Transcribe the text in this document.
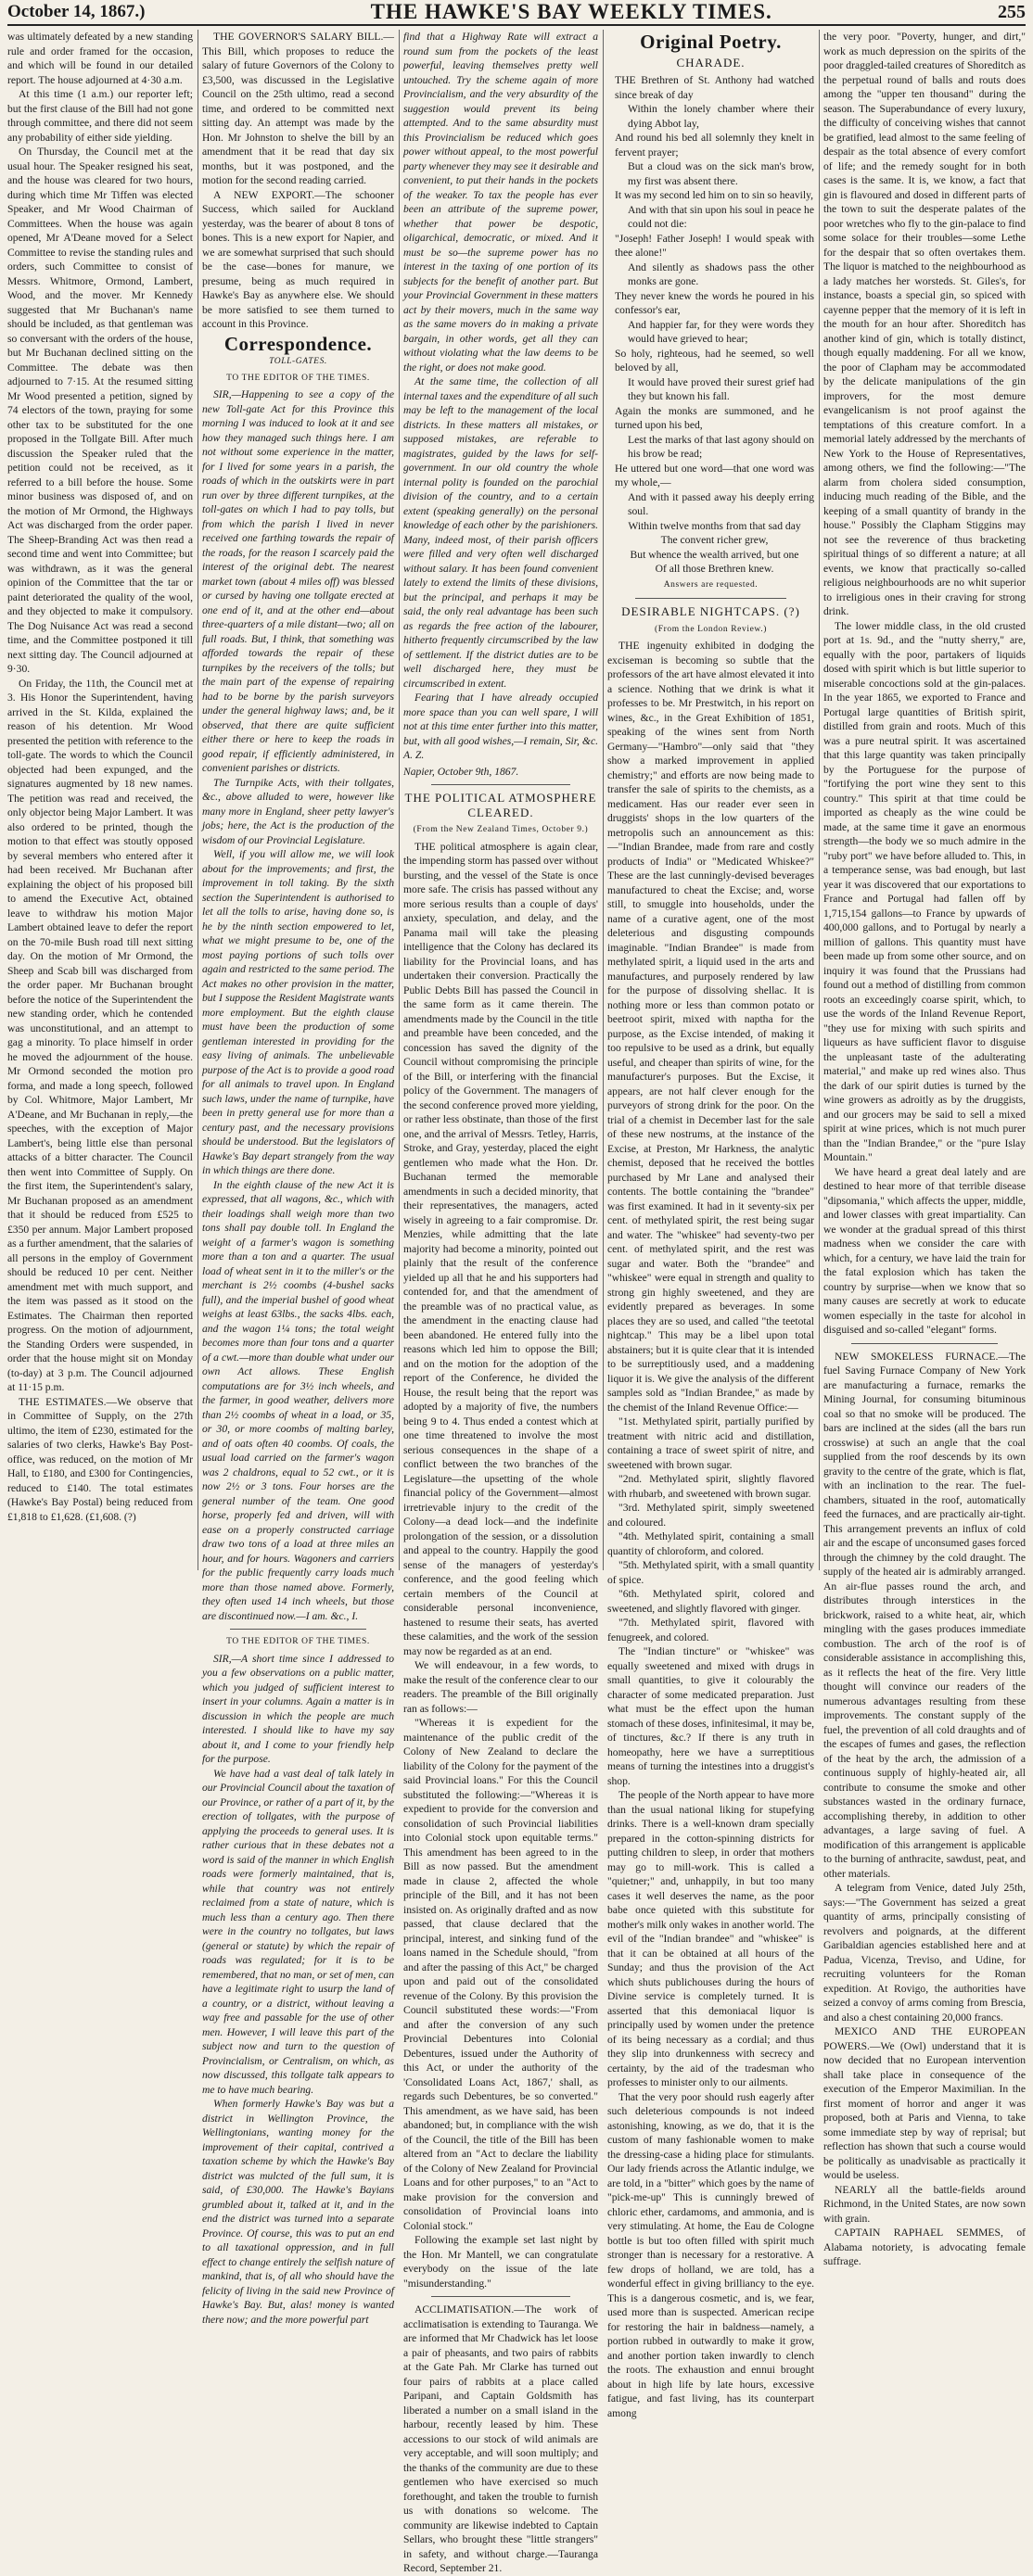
October 14, 1867.)	THE HAWKE'S BAY WEEKLY TIMES.	255

was ultimately defeated by a new standing rule and order framed for the occasion, and which will be found in our detailed report. The house adjourned at 4·30 a.m.

At this time (1 a.m.) our reporter left; but the first clause of the Bill had not gone through committee, and there did not seem any probability of either side yielding.

On Thursday, the Council met at the usual hour. The Speaker resigned his seat, and the house was cleared for two hours, during which time Mr Tiffen was elected Speaker, and Mr Wood Chairman of Committees. When the house was again opened, Mr A'Deane moved for a Select Committee to revise the standing rules and orders, such Committee to consist of Messrs. Whitmore, Ormond, Lambert, Wood, and the mover. Mr Kennedy suggested that Mr Buchanan's name should be included, as that gentleman was so conversant with the orders of the house, but Mr Buchanan declined sitting on the Committee. The debate was then adjourned to 7·15. At the resumed sitting Mr Wood presented a petition, signed by 74 electors of the town, praying for some other tax to be substituted for the one proposed in the Tollgate Bill. After much discussion the Speaker ruled that the petition could not be received, as it referred to a bill before the house. Some minor business was disposed of, and on the motion of Mr Ormond, the Highways Act was discharged from the order paper. The Sheep-Branding Act was then read a second time and went into Committee; but was withdrawn, as it was the general opinion of the Committee that the tar or paint deteriorated the quality of the wool, and they objected to make it compulsory. The Dog Nuisance Act was read a second time, and the Committee postponed it till next sitting day. The Council adjourned at 9·30.

On Friday, the 11th, the Council met at 3. His Honor the Superintendent, having arrived in the St. Kilda, explained the reason of his detention. Mr Wood presented the petition with reference to the toll-gate. The words to which the Council objected had been expunged, and the signatures augmented by 18 new names. The petition was read and received, the only objector being Major Lambert. It was also ordered to be printed, though the motion to that effect was stoutly opposed by several members who entered after it had been received. Mr Buchanan after explaining the object of his proposed bill to amend the Executive Act, obtained leave to withdraw his motion Major Lambert obtained leave to defer the report on the 70-mile Bush road till next sitting day. On the motion of Mr Ormond, the Sheep and Scab bill was discharged from the order paper. Mr Buchanan brought before the notice of the Superintendent the new standing order, which he contended was unconstitutional, and an attempt to gag a minority. To place himself in order he moved the adjournment of the house. Mr Ormond seconded the motion pro forma, and made a long speech, followed by Col. Whitmore, Major Lambert, Mr A'Deane, and Mr Buchanan in reply,—the speeches, with the exception of Major Lambert's, being little else than personal attacks of a bitter character. The Council then went into Committee of Supply. On the first item, the Superintendent's salary, Mr Buchanan proposed as an amendment that it should be reduced from £525 to £350 per annum. Major Lambert proposed as a further amendment, that the salaries of all persons in the employ of Government should be reduced 10 per cent. Neither amendment met with much support, and the item was passed as it stood on the Estimates. The Chairman then reported progress. On the motion of adjournment, the Standing Orders were suspended, in order that the house might sit on Monday (to-day) at 3 p.m. The Council adjourned at 11·15 p.m.

THE ESTIMATES.—We observe that in Committee of Supply, on the 27th ultimo, the item of £230, estimated for the salaries of two clerks, Hawke's Bay Post-office, was reduced, on the motion of Mr Hall, to £180, and £300 for Contingencies, reduced to £140. The total estimates (Hawke's Bay Postal) being reduced from £1,818 to £1,628. (£1,608. (?)

THE GOVERNOR'S SALARY BILL.—This Bill, which proposes to reduce the salary of future Governors of the Colony to £3,500, was discussed in the Legislative Council on the 25th ultimo, read a second time, and ordered to be committed next sitting day. An attempt was made by the Hon. Mr Johnston to shelve the bill by an amendment that it be read that day six months, but it was postponed, and the motion for the second reading carried.

A NEW EXPORT.—The schooner Success, which sailed for Auckland yesterday, was the bearer of about 8 tons of bones. This is a new export for Napier, and we are somewhat surprised that such should be the case—bones for manure, we presume, being as much required in Hawke's Bay as anywhere else. We should be more satisfied to see them turned to account in this Province.

Correspondence.
TOLL-GATES.
TO THE EDITOR OF THE TIMES.

SIR,—Happening to see a copy of the new Toll-gate Act for this Province this morning I was induced to look at it and see how they managed such things here. I am not without some experience in the matter, for I lived for some years in a parish, the roads of which in the outskirts were in part run over by three different turnpikes, at the toll-gates on which I had to pay tolls, but from which the parish I lived in never received one farthing towards the repair of the roads, for the reason I scarcely paid the interest of the original debt. The nearest market town (about 4 miles off) was blessed or cursed by having one tollgate erected at one end of it, and at the other end—about three-quarters of a mile distant—two; all on full roads. But, I think, that something was afforded towards the repair of these turnpikes by the receivers of the tolls; but the main part of the expense of repairing had to be borne by the parish surveyors under the general highway laws; and, be it observed, that there are quite sufficient either there or here to keep the roads in good repair, if efficiently administered, in convenient parishes or districts.

The Turnpike Acts, with their tollgates, &c., above alluded to were, however like many more in England, sheer petty lawyer's jobs; here, the Act is the production of the wisdom of our Provincial Legislature.

Well, if you will allow me, we will look about for the improvements; and first, the improvement in toll taking. By the sixth section the Superintendent is authorised to let all the tolls to arise, having done so, is he by the ninth section empowered to let, what we might presume to be, one of the most paying portions of such tolls over again and restricted to the same period. The Act makes no other provision in the matter, but I suppose the Resident Magistrate wants more employment. But the eighth clause must have been the production of some gentleman interested in providing for the easy living of animals. The unbelievable purpose of the Act is to provide a good road for all animals to travel upon. In England such laws, under the name of turnpike, have been in pretty general use for more than a century past, and the necessary provisions should be understood. But the legislators of Hawke's Bay depart strangely from the way in which things are there done.

In the eighth clause of the new Act it is expressed, that all wagons, &c., which with their loadings shall weigh more than two tons shall pay double toll. In England the weight of a farmer's wagon is something more than a ton and a quarter. The usual load of wheat sent in it to the miller's or the merchant is 2½ coombs (4-bushel sacks full), and the imperial bushel of good wheat weighs at least 63lbs., the sacks 4lbs. each, and the wagon 1¼ tons; the total weight becomes more than four tons and a quarter of a cwt.—more than double what under our own Act allows. These English computations are for 3½ inch wheels, and the farmer, in good weather, delivers more than 2½ coombs of wheat in a load, or 35, or 30, or more coombs of malting barley, and of oats often 40 coombs. Of coals, the usual load carried on the farmer's wagon was 2 chaldrons, equal to 52 cwt., or it is now 2½ or 3 tons. Four horses are the general number of the team. One good horse, properly fed and driven, will with ease on a properly constructed carriage draw two tons of a load at three miles an hour, and for hours. Wagoners and carriers for the public frequently carry loads much more than those named above. Formerly, they often used 14 inch wheels, but those are discontinued now.—I am. &c., I.

TO THE EDITOR OF THE TIMES.

SIR,—A short time since I addressed to you a few observations on a public matter, which you judged of sufficient interest to insert in your columns. Again a matter is in discussion in which the people are much interested. I should like to have my say about it, and I come to your friendly help for the purpose.

We have had a vast deal of talk lately in our Provincial Council about the taxation of our Province, or rather of a part of it, by the erection of tollgates, with the purpose of applying the proceeds to general uses. It is rather curious that in these debates not a word is said of the manner in which English roads were formerly maintained, that is, while that country was not entirely reclaimed from a state of nature, which is much less than a century ago. Then there were in the country no tollgates, but laws (general or statute) by which the repair of roads was regulated; for it is to be remembered, that no man, or set of men, can have a legitimate right to usurp the land of a country, or a district, without leaving a way free and passable for the use of other men. However, I will leave this part of the subject now and turn to the question of Provincialism, or Centralism, on which, as now discussed, this tollgate talk appears to me to have much bearing.

When formerly Hawke's Bay was but a district in Wellington Province, the Wellingtonians, wanting money for the improvement of their capital, contrived a taxation scheme by which the Hawke's Bay district was mulcted of the full sum, it is said, of £30,000. The Hawke's Bayians grumbled about it, talked at it, and in the end the district was turned into a separate Province. Of course, this was to put an end to all taxational oppression, and in full effect to change entirely the selfish nature of mankind, that is, of all who should have the felicity of living in the said new Province of Hawke's Bay. But, alas! money is wanted there now; and the more powerful part

find that a Highway Rate will extract a round sum from the pockets of the least powerful, leaving themselves pretty well untouched. Try the scheme again of more Provincialism, and the very absurdity of the suggestion would prevent its being attempted. And to the same absurdity must this Provincialism be reduced which goes power without appeal, to the most powerful party whenever they may see it desirable and convenient, to put their hands in the pockets of the weaker. To tax the people has ever been an attribute of the supreme power, whether that power be despotic, oligarchical, democratic, or mixed. And it must be so—the supreme power has no interest in the taxing of one portion of its subjects for the benefit of another part. But your Provincial Government in these matters act by their movers, much in the same way as the same movers do in making a private bargain, in other words, get all they can without violating what the law deems to be the right, or does not make good.

At the same time, the collection of all internal taxes and the expenditure of all such may be left to the management of the local districts. In these matters all mistakes, or supposed mistakes, are referable to magistrates, guided by the laws for self-government. In our old country the whole internal polity is founded on the parochial division of the country, and to a certain extent (speaking generally) on the personal knowledge of each other by the parishioners. Many, indeed most, of their parish officers were filled and very often well discharged without salary. It has been found convenient lately to extend the limits of these divisions, but the principal, and perhaps it may be said, the only real advantage has been such as regards the free action of the labourer, hitherto frequently circumscribed by the law of settlement. If the district duties are to be well discharged here, they must be circumscribed in extent.

Fearing that I have already occupied more space than you can well spare, I will not at this time enter further into this matter, but, with all good wishes,—I remain, Sir, &c. A. Z.

Napier, October 9th, 1867.
THE POLITICAL ATMOSPHERE CLEARED.
(From the New Zealand Times, October 9.)

THE political atmosphere is again clear, the impending storm has passed over without bursting, and the vessel of the State is once more safe. The crisis has passed without any more serious results than a couple of days' anxiety, speculation, and delay, and the Panama mail will take the pleasing intelligence that the Colony has declared its liability for the Provincial loans, and has undertaken their conversion. Practically the Public Debts Bill has passed the Council in the same form as it came therein. The amendments made by the Council in the title and preamble have been conceded, and the concession has saved the dignity of the Council without compromising the principle of the Bill, or interfering with the financial policy of the Government. The managers of the second conference proved more yielding, or rather less obstinate, than those of the first one, and the arrival of Messrs. Tetley, Harris, Stroke, and Gray, yesterday, placed the eight gentlemen who made what the Hon. Dr. Buchanan termed the memorable amendments in such a decided minority, that their representatives, the managers, acted wisely in agreeing to a fair compromise. Dr. Menzies, while admitting that the late majority had become a minority, pointed out plainly that the result of the conference yielded up all that he and his supporters had contended for, and that the amendment of the preamble was of no practical value, as the amendment in the enacting clause had been abandoned. He entered fully into the reasons which led him to oppose the Bill; and on the motion for the adoption of the report of the Conference, he divided the House, the result being that the report was adopted by a majority of five, the numbers being 9 to 4. Thus ended a contest which at one time threatened to involve the most serious consequences in the shape of a conflict between the two branches of the Legislature—the upsetting of the whole financial policy of the Government—almost irretrievable injury to the credit of the Colony—a dead lock—and the indefinite prolongation of the session, or a dissolution and appeal to the country. Happily the good sense of the managers of yesterday's conference, and the good feeling which certain members of the Council at considerable personal inconvenience, hastened to resume their seats, has averted these calamities, and the work of the session may now be regarded as at an end.

We will endeavour, in a few words, to make the result of the conference clear to our readers. The preamble of the Bill originally ran as follows:—

"Whereas it is expedient for the maintenance of the public credit of the Colony of New Zealand to declare the liability of the Colony for the payment of the said Provincial loans." For this the Council substituted the following:—"Whereas it is expedient to provide for the conversion and consolidation of such Provincial liabilities into Colonial stock upon equitable terms." This amendment has been agreed to in the Bill as now passed. But the amendment made in clause 2, affected the whole principle of the Bill, and it has not been insisted on. As originally drafted and as now passed, that clause declared that the principal, interest, and sinking fund of the loans named in the Schedule should, "from and after the passing of this Act," be charged upon and paid out of the consolidated revenue of the Colony. By this provision the Council substituted these words:—"From and after the conversion of any such Provincial Debentures into Colonial Debentures, issued under the Authority of this Act, or under the authority of the 'Consolidated Loans Act, 1867,' shall, as regards such Debentures, be so converted." This amendment, as we have said, has been abandoned; but, in compliance with the wish of the Council, the title of the Bill has been altered from an "Act to declare the liability of the Colony of New Zealand for Provincial Loans and for other purposes," to an "Act to make provision for the conversion and consolidation of Provincial loans into Colonial stock."

Following the example set last night by the Hon. Mr Mantell, we can congratulate everybody on the issue of the late "misunderstanding."

ACCLIMATISATION.—The work of acclimatisation is extending to Tauranga. We are informed that Mr Chadwick has let loose a pair of pheasants, and two pairs of rabbits at the Gate Pah. Mr Clarke has turned out four pairs of rabbits at a place called Paripani, and Captain Goldsmith has liberated a number on a small island in the harbour, recently leased by him. These accessions to our stock of wild animals are very acceptable, and will soon multiply; and the thanks of the community are due to these gentlemen who have exercised so much forethought, and taken the trouble to furnish us with donations so welcome. The community are likewise indebted to Captain Sellars, who brought these "little strangers" in safety, and without charge.—Tauranga Record, September 21.

Original Poetry.
CHARADE.

THE Brethren of St. Anthony had watched since break of day

Within the lonely chamber where their dying Abbot lay,

And round his bed all solemnly they knelt in fervent prayer;

But a cloud was on the sick man's brow, my first was absent there.

It was my second led him on to sin so heavily,

And with that sin upon his soul in peace he could not die:

"Joseph! Father Joseph! I would speak with thee alone!"

And silently as shadows pass the other monks are gone.

They never knew the words he poured in his confessor's ear,

And happier far, for they were words they would have grieved to hear;

So holy, righteous, had he seemed, so well beloved by all,

It would have proved their surest grief had they but known his fall.

Again the monks are summoned, and he turned upon his bed,

Lest the marks of that last agony should on his brow be read;

He uttered but one word—that one word was my whole,—

And with it passed away his deeply erring soul.

Within twelve months from that sad day

The convent richer grew,

But whence the wealth arrived, but one

Of all those Brethren knew.

Answers are requested.
DESIRABLE NIGHTCAPS. (?)
(From the London Review.)

THE ingenuity exhibited in dodging the exciseman is becoming so subtle that the professors of the art have almost elevated it into a science. Nothing that we drink is what it professes to be. Mr Prestwitch, in his report on wines, &c., in the Great Exhibition of 1851, speaking of the wines sent from North Germany—"Hambro"—only said that "they show a marked improvement in applied chemistry;" and efforts are now being made to transfer the sale of spirits to the chemists, as a medicament. Has our reader ever seen in druggists' shops in the low quarters of the metropolis such an announcement as this:—"Indian Brandee, made from rare and costly products of India" or "Medicated Whiskee?" These are the last cunningly-devised beverages manufactured to cheat the Excise; and, worse still, to smuggle into households, under the name of a curative agent, one of the most deleterious and disgusting compounds imaginable. "Indian Brandee" is made from methylated spirit, a liquid used in the arts and manufactures, and purposely rendered by law for the purpose of dissolving shellac. It is nothing more or less than common potato or beetroot spirit, mixed with naptha for the purpose, as the Excise intended, of making it too repulsive to be used as a drink, but equally useful, and cheaper than spirits of wine, for the manufacturer's purposes. But the Excise, it appears, are not half clever enough for the purveyors of strong drink for the poor. On the trial of a chemist in December last for the sale of these new nostrums, at the instance of the Excise, at Preston, Mr Harkness, the analytic chemist, deposed that he received the bottles purchased by Mr Lane and analysed their contents. The bottle containing the "brandee" was first examined. It had in it seventy-six per cent. of methylated spirit, the rest being sugar and water. The "whiskee" had seventy-two per cent. of methylated spirit, and the rest was sugar and water. Both the "brandee" and "whiskee" were equal in strength and quality to strong gin highly sweetened, and they are evidently prepared as beverages. In some places they are so used, and called "the teetotal nightcap." This may be a libel upon total abstainers; but it is quite clear that it is intended to be surreptitiously used, and a maddening liquor it is. We give the analysis of the different samples sold as "Indian Brandee," as made by the chemist of the Inland Revenue Office:—

"1st. Methylated spirit, partially purified by treatment with nitric acid and distillation, containing a trace of sweet spirit of nitre, and sweetened with brown sugar.

"2nd. Methylated spirit, slightly flavored with rhubarb, and sweetened with brown sugar.

"3rd. Methylated spirit, simply sweetened and coloured.

"4th. Methylated spirit, containing a small quantity of chloroform, and colored.

"5th. Methylated spirit, with a small quantity of spice.

"6th. Methylated spirit, colored and sweetened, and slightly flavored with ginger.

"7th. Methylated spirit, flavored with fenugreek, and colored.

The "Indian tincture" or "whiskee" was equally sweetened and mixed with drugs in small quantities, to give it colourably the character of some medicated preparation. Just what must be the effect upon the human stomach of these doses, infinitesimal, it may be, of tinctures, &c.? If there is any truth in homeopathy, here we have a surreptitious means of turning the intestines into a druggist's shop.

The people of the North appear to have more than the usual national liking for stupefying drinks. There is a well-known dram specially prepared in the cotton-spinning districts for putting children to sleep, in order that mothers may go to mill-work. This is called a "quietner;" and, unhappily, in but too many cases it well deserves the name, as the poor babe once quieted with this substitute for mother's milk only wakes in another world. The evil of the "Indian brandee" and "whiskee" is that it can be obtained at all hours of the Sunday; and thus the provision of the Act which shuts publichouses during the hours of Divine service is completely turned. It is asserted that this demoniacal liquor is principally used by women under the pretence of its being necessary as a cordial; and thus they slip into drunkenness with secrecy and certainty, by the aid of the tradesman who professes to minister only to our ailments.

That the very poor should rush eagerly after such deleterious compounds is not indeed astonishing, knowing, as we do, that it is the custom of many fashionable women to make the dressing-case a hiding place for stimulants. Our lady friends across the Atlantic indulge, we are told, in a "bitter" which goes by the name of "pick-me-up" This is cunningly brewed of chloric ether, cardamoms, and ammonia, and is very stimulating. At home, the Eau de Cologne bottle is but too often filled with spirit much stronger than is necessary for a restorative. A few drops of holland, we are told, has a wonderful effect in giving brilliancy to the eye. This is a dangerous cosmetic, and is, we fear, used more than is suspected. American recipe for restoring the hair in baldness—namely, a portion rubbed in outwardly to make it grow, and another portion taken inwardly to clench the roots. The exhaustion and ennui brought about in high life by late hours, excessive fatigue, and fast living, has its counterpart among

the very poor. "Poverty, hunger, and dirt," work as much depression on the spirits of the poor draggled-tailed creatures of Shoreditch as the perpetual round of balls and routs does among the "upper ten thousand" during the season. The Superabundance of every luxury, the difficulty of conceiving wishes that cannot be gratified, lead almost to the same feeling of despair as the total absence of every comfort of life; and the remedy sought for in both cases is the same. It is, we know, a fact that gin is flavoured and dosed in different parts of the town to suit the desperate palates of the poor wretches who fly to the gin-palace to find some solace for their troubles—some Lethe for the despair that so often overtakes them. The liquor is matched to the neighbourhood as a lady matches her worsteds. St. Giles's, for instance, boasts a special gin, so spiced with cayenne pepper that the memory of it is left in the mouth for an hour after. Shoreditch has another kind of gin, which is totally distinct, though equally maddening. For all we know, the poor of Clapham may be accommodated by the delicate manipulations of the gin improvers, for the most demure evangelicanism is not proof against the temptations of this creature comfort. In a memorial lately addressed by the merchants of New York to the House of Representatives, among others, we find the following:—"The alarm from cholera sided consumption, inducing much reading of the Bible, and the keeping of a small quantity of brandy in the house." Possibly the Clapham Stiggins may not see the reverence of thus bracketing spiritual things of so different a nature; at all events, we know that practically so-called religious neighbourhoods are no whit superior to irreligious ones in their craving for strong drink.

The lower middle class, in the old crusted port at 1s. 9d., and the "nutty sherry," are, equally with the poor, partakers of liquids dosed with spirit which is but little superior to miserable concoctions sold at the gin-palaces. In the year 1865, we exported to France and Portugal large quantities of British spirit, distilled from grain and roots. Much of this was a pure neutral spirit. It was ascertained that this large quantity was taken principally by the Portuguese for the purpose of "fortifying the port wine they sent to this country." This spirit at that time could be imported as cheaply as the wine could be made, at the same time it gave an enormous strength—the body we so much admire in the "ruby port" we have before alluded to. This, in a temperance sense, was bad enough, but last year it was discovered that our exportations to France and Portugal had fallen off by 1,715,154 gallons—to France by upwards of 400,000 gallons, and to Portugal by nearly a million of gallons. This quantity must have been made up from some other source, and on inquiry it was found that the Prussians had found out a method of distilling from common roots an exceedingly coarse spirit, which, to use the words of the Inland Revenue Report, "they use for mixing with such spirits and liqueurs as have sufficient flavor to disguise the unpleasant taste of the adulterating material," and make up red wines also. Thus the dark of our spirit duties is turned by the wine growers as adroitly as by the druggists, and our grocers may be said to sell a mixed spirit at wine prices, which is not much purer than the "Indian Brandee," or the "pure Islay Mountain."

We have heard a great deal lately and are destined to hear more of that terrible disease "dipsomania," which affects the upper, middle, and lower classes with great impartiality. Can we wonder at the gradual spread of this thirst madness when we consider the care with which, for a century, we have laid the train for the fatal explosion which has taken the country by surprise—when we know that so many causes are secretly at work to educate women especially in the taste for alcohol in disguised and so-called "elegant" forms.

NEW SMOKELESS FURNACE.—The fuel Saving Furnace Company of New York are manufacturing a furnace, remarks the Mining Journal, for consuming bituminous coal so that no smoke will be produced. The bars are inclined at the sides (all the bars run crosswise) at such an angle that the coal supplied from the roof descends by its own gravity to the centre of the grate, which is flat, with an inclination to the rear. The fuel-chambers, situated in the roof, automatically feed the furnaces, and are practically air-tight. This arrangement prevents an influx of cold air and the escape of unconsumed gases forced through the chimney by the cold draught. The supply of the heated air is admirably arranged. An air-flue passes round the arch, and distributes through interstices in the brickwork, raised to a white heat, air, which mingling with the gases produces immediate combustion. The arch of the roof is of considerable assistance in accomplishing this, as it reflects the heat of the fire. Very little thought will convince our readers of the numerous advantages resulting from these improvements. The constant supply of the fuel, the prevention of all cold draughts and of the escapes of fumes and gases, the reflection of the heat by the arch, the admission of a continuous supply of highly-heated air, all contribute to consume the smoke and other substances wasted in the ordinary furnace, accomplishing thereby, in addition to other advantages, a large saving of fuel. A modification of this arrangement is applicable to the burning of anthracite, sawdust, peat, and other materials.

A telegram from Venice, dated July 25th, says:—"The Government has seized a great quantity of arms, principally consisting of revolvers and poignards, at the different Garibaldian agencies established here and at Padua, Vicenza, Treviso, and Udine, for recruiting volunteers for the Roman expedition. At Rovigo, the authorities have seized a convoy of arms coming from Brescia, and also a chest containing 20,000 francs.

MEXICO AND THE EUROPEAN POWERS.—We (Owl) understand that it is now decided that no European intervention shall take place in consequence of the execution of the Emperor Maximilian. In the first moment of horror and anger it was proposed, both at Paris and Vienna, to take some immediate step by way of reprisal; but reflection has shown that such a course would be politically as unadvisable as practically it would be useless.

NEARLY all the battle-fields around Richmond, in the United States, are now sown with grain.

CAPTAIN RAPHAEL SEMMES, of Alabama notoriety, is advocating female suffrage.
